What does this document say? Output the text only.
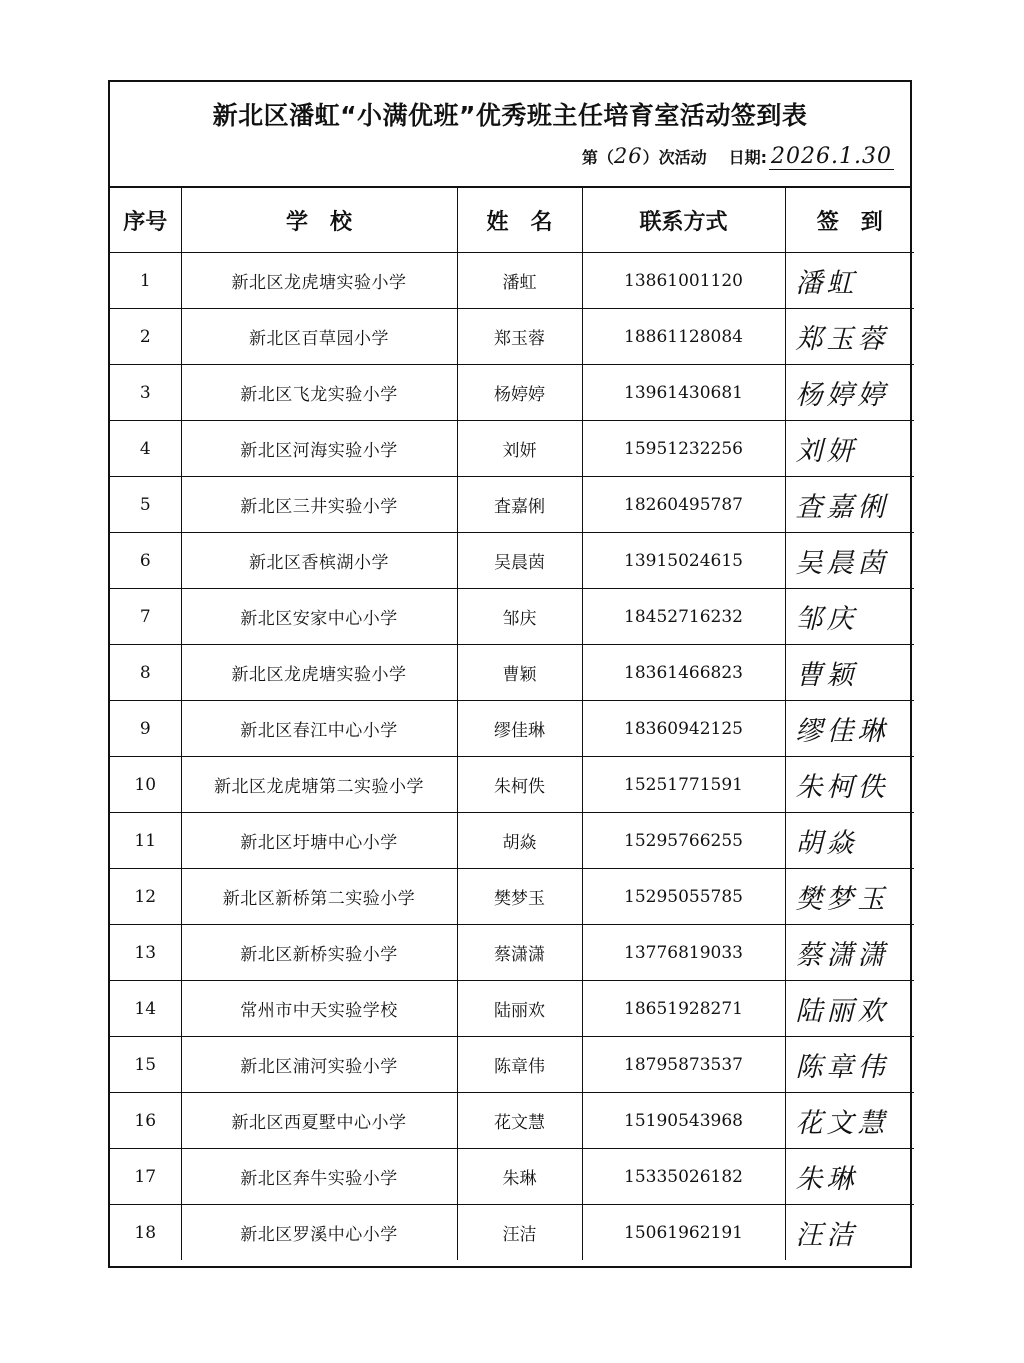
新北区潘虹“小满优班”优秀班主任培育室活动签到表
第（ 26 ）次活动 日期: 2026.1.30
序号	学　校	姓　名	联系方式	签　到
1	新北区龙虎塘实验小学	潘虹	13861001120	潘虹
2	新北区百草园小学	郑玉蓉	18861128084	郑玉蓉
3	新北区飞龙实验小学	杨婷婷	13961430681	杨婷婷
4	新北区河海实验小学	刘妍	15951232256	刘妍
5	新北区三井实验小学	査嘉俐	18260495787	査嘉俐
6	新北区香槟湖小学	吴晨茵	13915024615	吴晨茵
7	新北区安家中心小学	邹庆	18452716232	邹庆
8	新北区龙虎塘实验小学	曹颖	18361466823	曹颖
9	新北区春江中心小学	缪佳琳	18360942125	缪佳琳
10	新北区龙虎塘第二实验小学	朱柯佚	15251771591	朱柯佚
11	新北区圩塘中心小学	胡焱	15295766255	胡焱
12	新北区新桥第二实验小学	樊梦玉	15295055785	樊梦玉
13	新北区新桥实验小学	蔡潇潇	13776819033	蔡潇潇
14	常州市中天实验学校	陆丽欢	18651928271	陆丽欢
15	新北区浦河实验小学	陈章伟	18795873537	陈章伟
16	新北区西夏墅中心小学	花文慧	15190543968	花文慧
17	新北区奔牛实验小学	朱琳	15335026182	朱琳
18	新北区罗溪中心小学	汪洁	15061962191	汪洁
